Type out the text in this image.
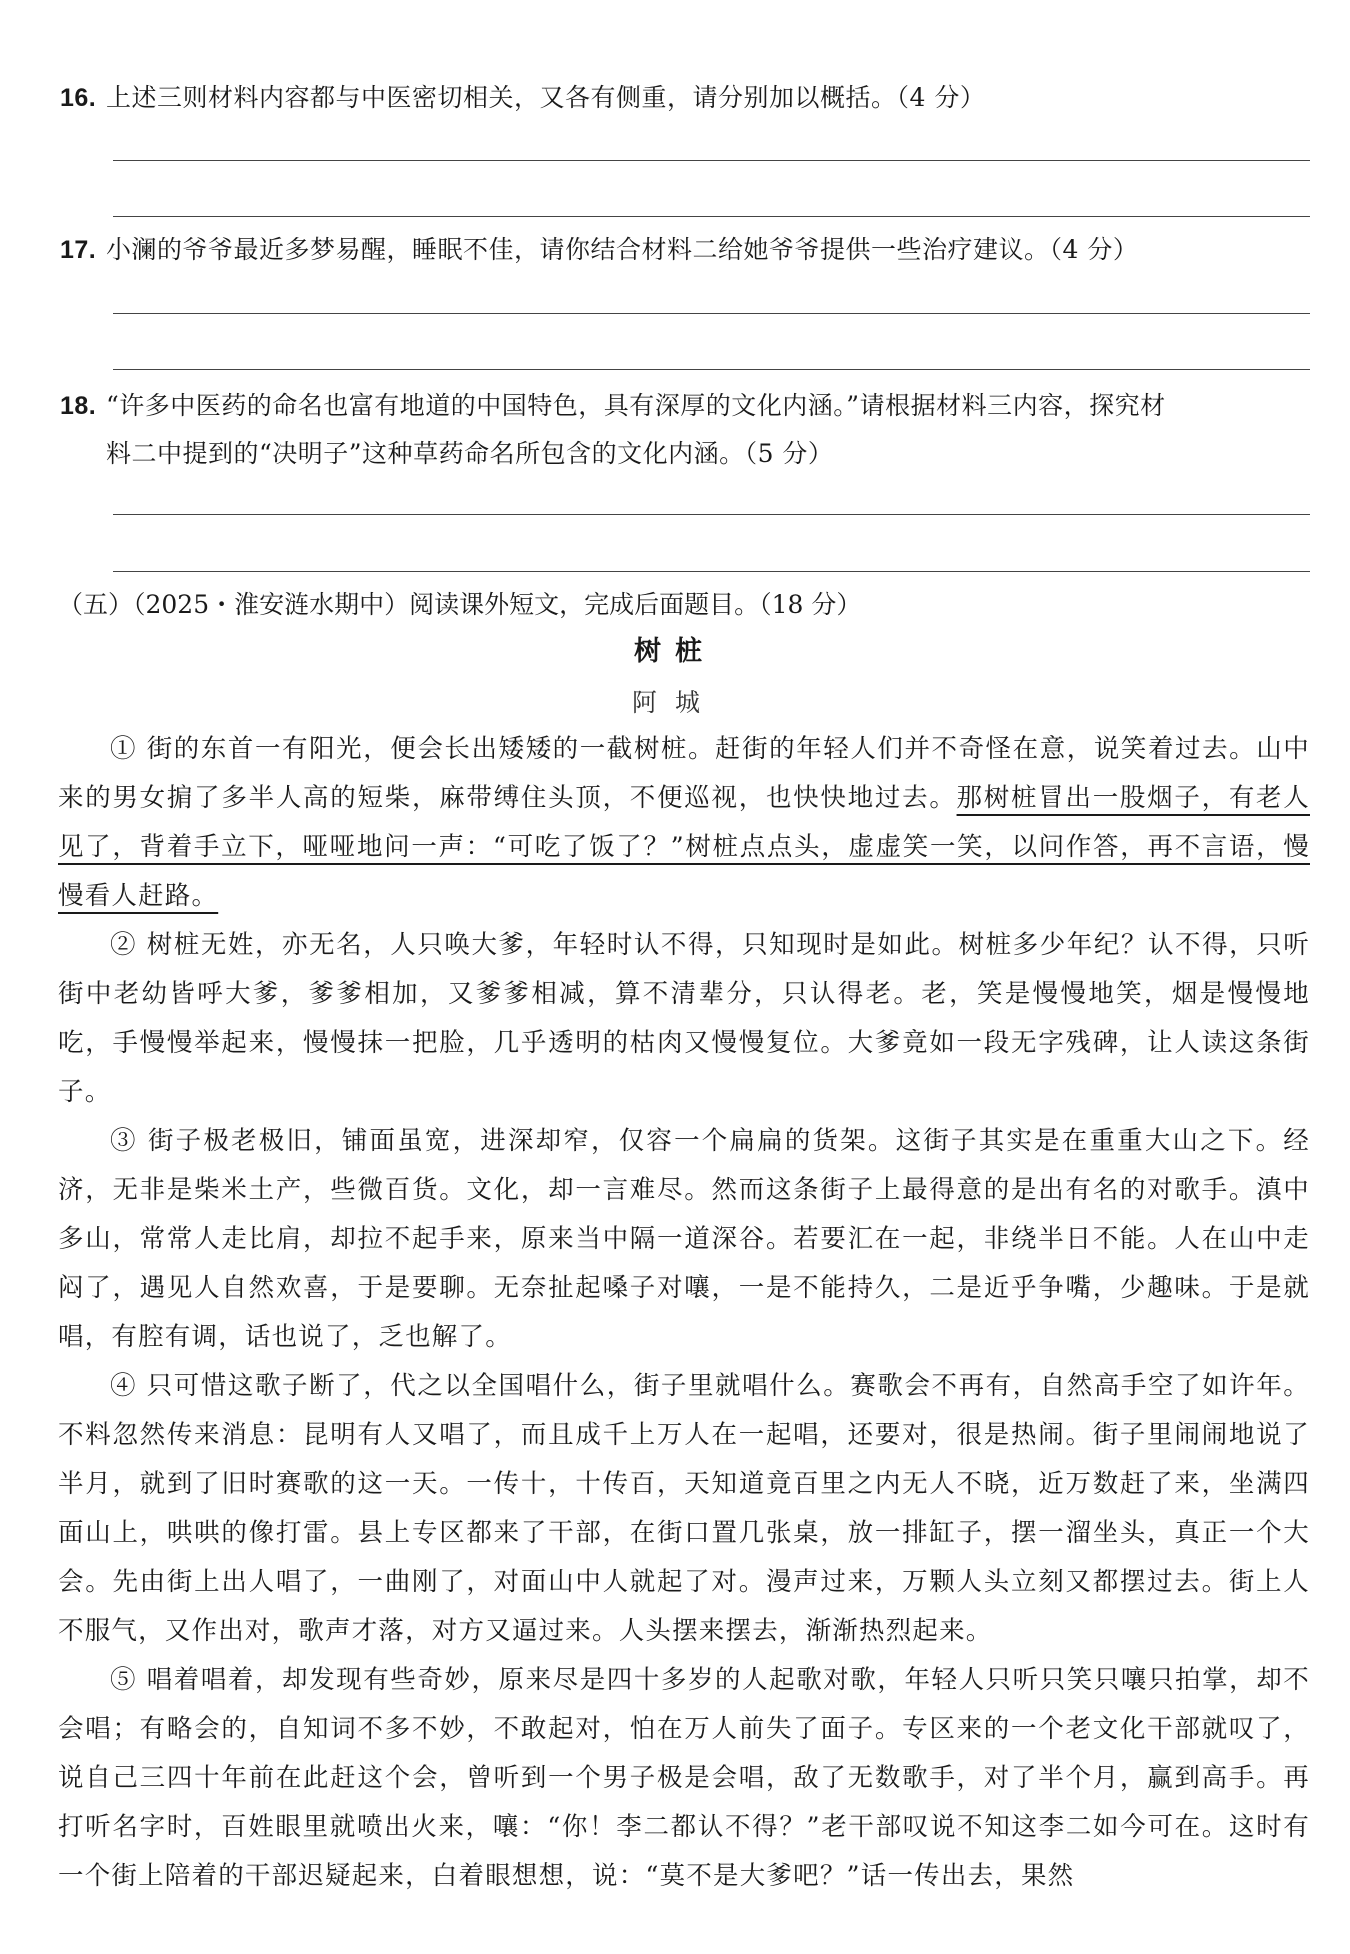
16. 上述三则材料内容都与中医密切相关，又各有侧重，请分别加以概括。（4 分）
17. 小澜的爷爷最近多梦易醒，睡眠不佳，请你结合材料二给她爷爷提供一些治疗建议。（4 分）
18. “许多中医药的命名也富有地道的中国特色，具有深厚的文化内涵。”请根据材料三内容，探究材
料二中提到的“决明子”这种草药命名所包含的文化内涵。（5 分）
（五）（2025・淮安涟水期中）阅读课外短文，完成后面题目。（18 分）
树桩
阿城
① 街的东首一有阳光，便会长出矮矮的一截树桩。赶街的年轻人们并不奇怪在意，说笑着过去。山中来的男女掮了多半人高的短柴，麻带缚住头顶，不便巡视，也快快地过去。那树桩冒出一股烟子，有老人见了，背着手立下，哑哑地问一声：“可吃了饭了？”树桩点点头，虚虚笑一笑，以问作答，再不言语，慢慢看人赶路。
② 树桩无姓，亦无名，人只唤大爹，年轻时认不得，只知现时是如此。树桩多少年纪？认不得，只听街中老幼皆呼大爹，爹爹相加，又爹爹相减，算不清辈分，只认得老。老，笑是慢慢地笑，烟是慢慢地吃，手慢慢举起来，慢慢抹一把脸，几乎透明的枯肉又慢慢复位。大爹竟如一段无字残碑，让人读这条街子。
③ 街子极老极旧，铺面虽宽，进深却窄，仅容一个扁扁的货架。这街子其实是在重重大山之下。经济，无非是柴米土产，些微百货。文化，却一言难尽。然而这条街子上最得意的是出有名的对歌手。滇中多山，常常人走比肩，却拉不起手来，原来当中隔一道深谷。若要汇在一起，非绕半日不能。人在山中走闷了，遇见人自然欢喜，于是要聊。无奈扯起嗓子对嚷，一是不能持久，二是近乎争嘴，少趣味。于是就唱，有腔有调，话也说了，乏也解了。
④ 只可惜这歌子断了，代之以全国唱什么，街子里就唱什么。赛歌会不再有，自然高手空了如许年。不料忽然传来消息：昆明有人又唱了，而且成千上万人在一起唱，还要对，很是热闹。街子里闹闹地说了半月，就到了旧时赛歌的这一天。一传十，十传百，天知道竟百里之内无人不晓，近万数赶了来，坐满四面山上，哄哄的像打雷。县上专区都来了干部，在街口置几张桌，放一排缸子，摆一溜坐头，真正一个大会。先由街上出人唱了，一曲刚了，对面山中人就起了对。漫声过来，万颗人头立刻又都摆过去。街上人不服气，又作出对，歌声才落，对方又逼过来。人头摆来摆去，渐渐热烈起来。
⑤ 唱着唱着，却发现有些奇妙，原来尽是四十多岁的人起歌对歌，年轻人只听只笑只嚷只拍掌，却不会唱；有略会的，自知词不多不妙，不敢起对，怕在万人前失了面子。专区来的一个老文化干部就叹了，说自己三四十年前在此赶这个会，曾听到一个男子极是会唱，敌了无数歌手，对了半个月，赢到高手。再打听名字时，百姓眼里就喷出火来，嚷：“你！李二都认不得？”老干部叹说不知这李二如今可在。这时有一个街上陪着的干部迟疑起来，白着眼想想，说：“莫不是大爹吧？”话一传出去，果然
